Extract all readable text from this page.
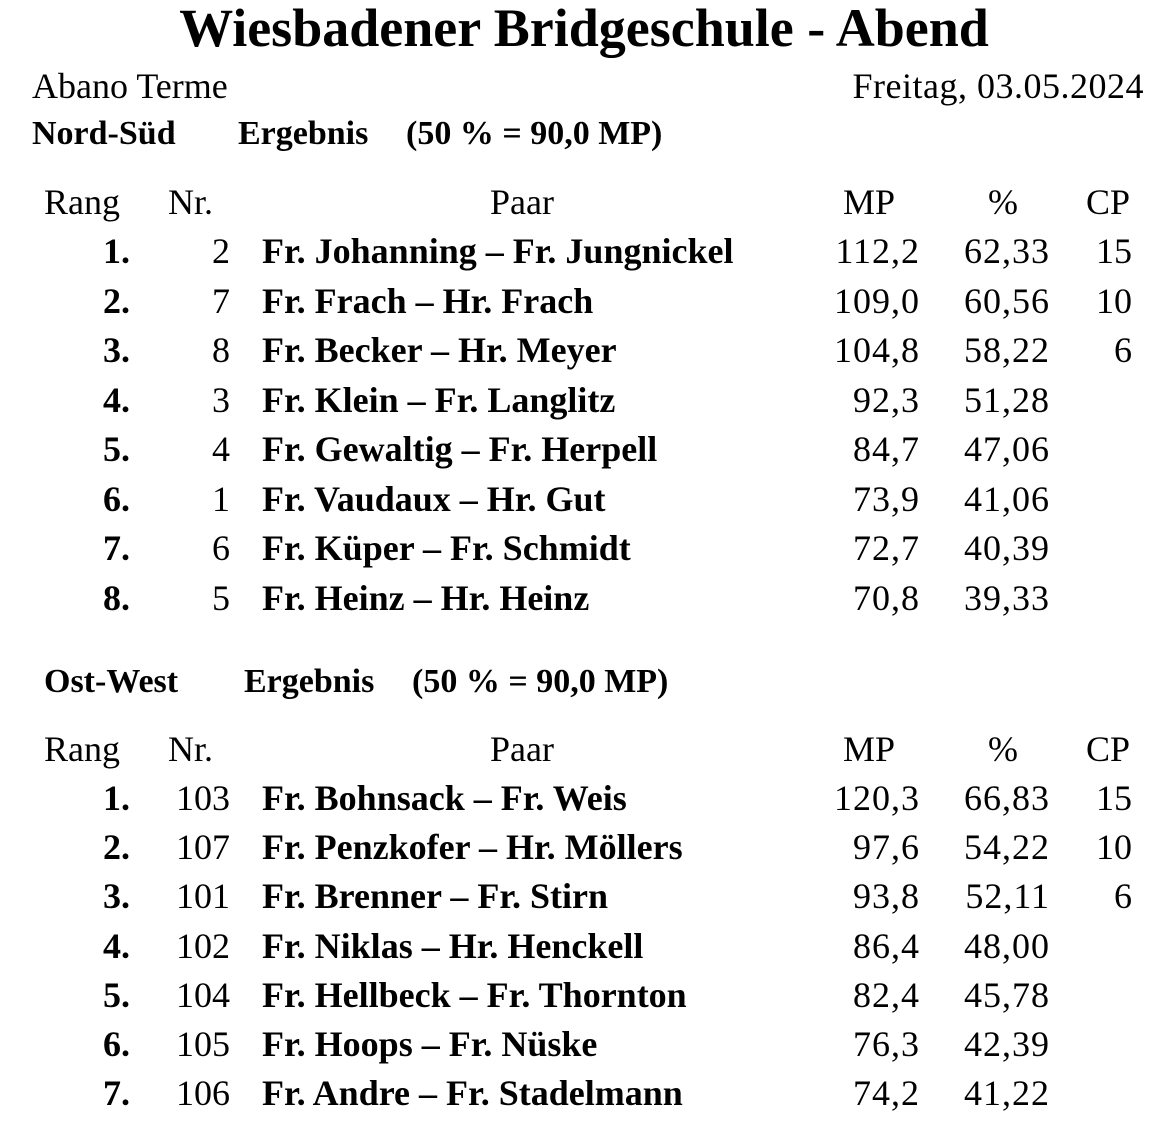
Wiesbadener Bridgeschule - Abend
Abano Terme	Freitag, 03.05.2024
Nord-Süd Ergebnis (50 % = 90,0 MP)
Rang Nr.	Paar	MP	% CP
1.	2 Fr. Johanning – Fr. Jungnickel	112,2	62,33	15
2.	7 Fr. Frach – Hr. Frach	109,0	60,56	10
3.	8 Fr. Becker – Hr. Meyer	104,8	58,22	6
4.	3 Fr. Klein – Fr. Langlitz	92,3	51,28
5.	4 Fr. Gewaltig – Fr. Herpell	84,7	47,06
6.	1 Fr. Vaudaux – Hr. Gut	73,9	41,06
7.	6 Fr. Küper – Fr. Schmidt	72,7	40,39
8.	5 Fr. Heinz – Hr. Heinz	70,8	39,33
Ost-West Ergebnis (50 % = 90,0 MP)
Rang Nr.	Paar	MP	% CP
1.	103 Fr. Bohnsack – Fr. Weis	120,3	66,83	15
2.	107 Fr. Penzkofer – Hr. Möllers	97,6	54,22	10
3.	101 Fr. Brenner – Fr. Stirn	93,8	52,11	6
4.	102 Fr. Niklas – Hr. Henckell	86,4	48,00
5.	104 Fr. Hellbeck – Fr. Thornton	82,4	45,78
6.	105 Fr. Hoops – Fr. Nüske	76,3	42,39
7.	106 Fr. Andre – Fr. Stadelmann	74,2	41,22
